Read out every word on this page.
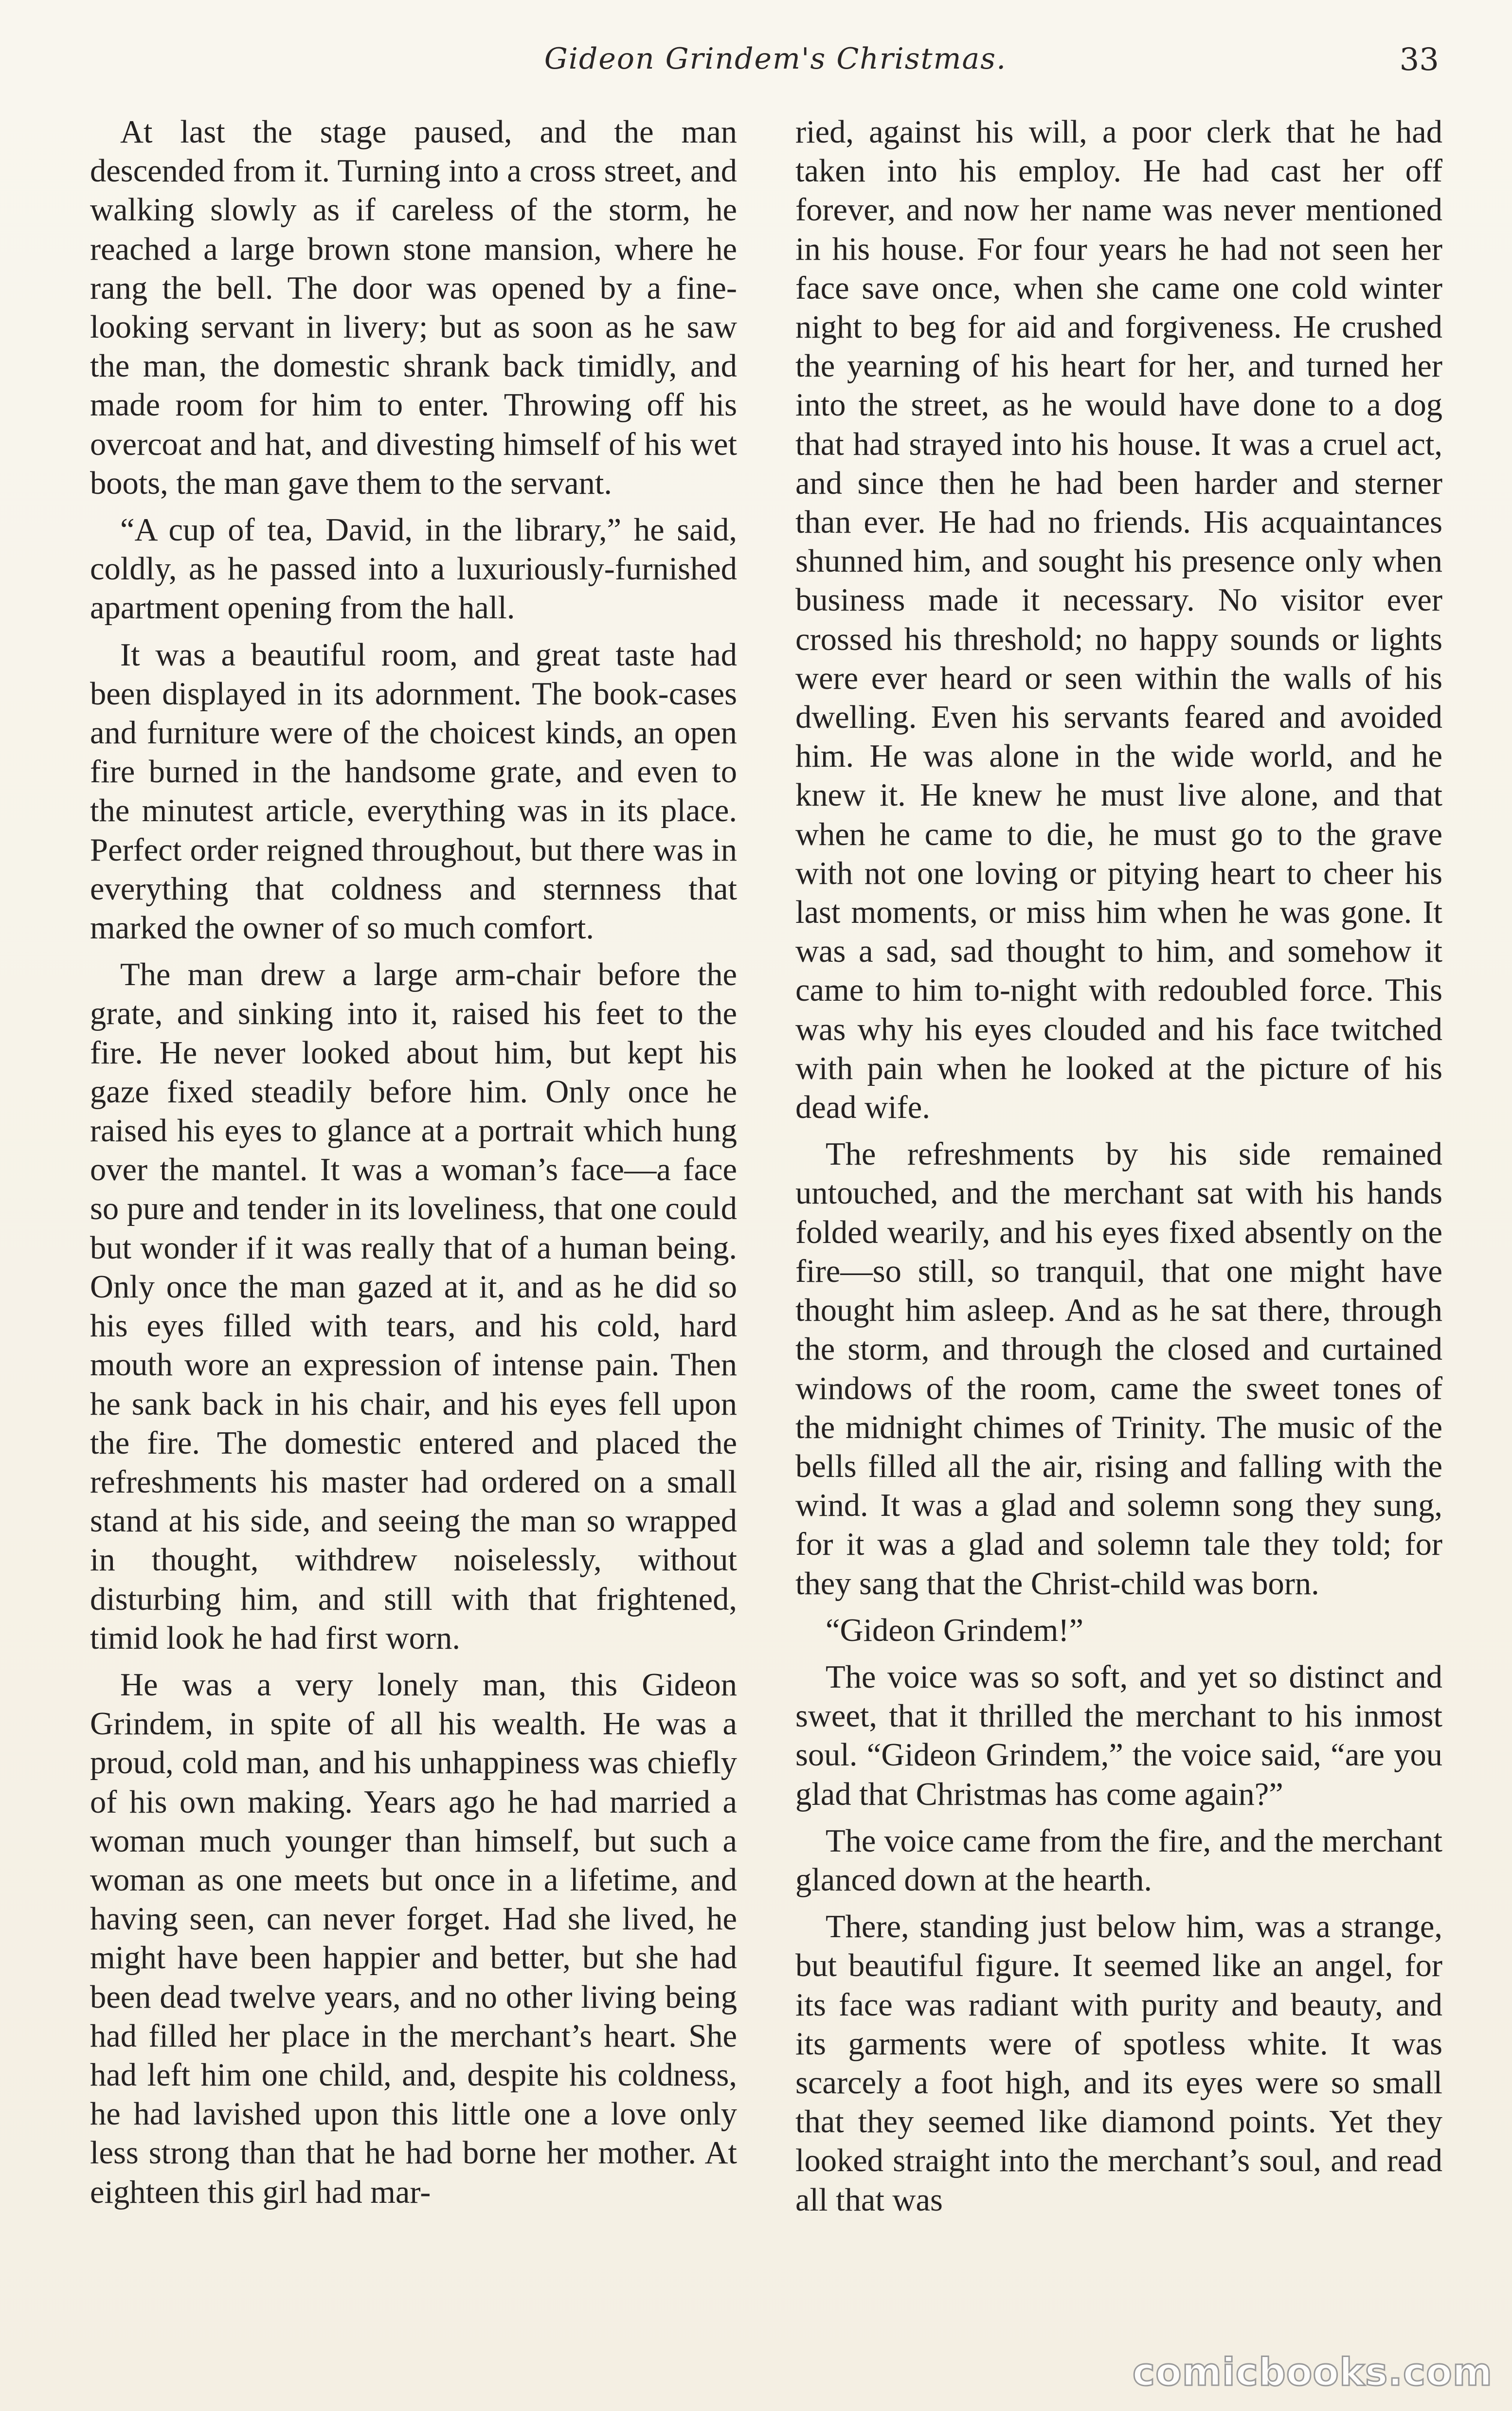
Gideon Grindem's Christmas.	33

At last the stage paused, and the man descended from it. Turning into a cross street, and walking slowly as if careless of the storm, he reached a large brown stone mansion, where he rang the bell. The door was opened by a fine-looking servant in livery; but as soon as he saw the man, the domestic shrank back timidly, and made room for him to enter. Throwing off his overcoat and hat, and divesting himself of his wet boots, the man gave them to the servant.

“A cup of tea, David, in the library,” he said, coldly, as he passed into a luxuriously-furnished apartment opening from the hall.

It was a beautiful room, and great taste had been displayed in its adornment. The book-cases and furniture were of the choicest kinds, an open fire burned in the handsome grate, and even to the minutest article, everything was in its place. Perfect order reigned throughout, but there was in everything that coldness and sternness that marked the owner of so much comfort.

The man drew a large arm-chair before the grate, and sinking into it, raised his feet to the fire. He never looked about him, but kept his gaze fixed steadily before him. Only once he raised his eyes to glance at a portrait which hung over the mantel. It was a woman’s face—a face so pure and tender in its loveliness, that one could but wonder if it was really that of a human being. Only once the man gazed at it, and as he did so his eyes filled with tears, and his cold, hard mouth wore an expression of intense pain. Then he sank back in his chair, and his eyes fell upon the fire. The domestic entered and placed the refreshments his master had ordered on a small stand at his side, and seeing the man so wrapped in thought, withdrew noiselessly, without disturbing him, and still with that frightened, timid look he had first worn.

He was a very lonely man, this Gideon Grindem, in spite of all his wealth. He was a proud, cold man, and his unhappiness was chiefly of his own making. Years ago he had married a woman much younger than himself, but such a woman as one meets but once in a lifetime, and having seen, can never forget. Had she lived, he might have been happier and better, but she had been dead twelve years, and no other living being had filled her place in the merchant’s heart. She had left him one child, and, despite his coldness, he had lavished upon this little one a love only less strong than that he had borne her mother. At eighteen this girl had mar-

ried, against his will, a poor clerk that he had taken into his employ. He had cast her off forever, and now her name was never mentioned in his house. For four years he had not seen her face save once, when she came one cold winter night to beg for aid and forgiveness. He crushed the yearning of his heart for her, and turned her into the street, as he would have done to a dog that had strayed into his house. It was a cruel act, and since then he had been harder and sterner than ever. He had no friends. His acquaintances shunned him, and sought his presence only when business made it necessary. No visitor ever crossed his threshold; no happy sounds or lights were ever heard or seen within the walls of his dwelling. Even his servants feared and avoided him. He was alone in the wide world, and he knew it. He knew he must live alone, and that when he came to die, he must go to the grave with not one loving or pitying heart to cheer his last moments, or miss him when he was gone. It was a sad, sad thought to him, and somehow it came to him to-night with redoubled force. This was why his eyes clouded and his face twitched with pain when he looked at the picture of his dead wife.

The refreshments by his side remained untouched, and the merchant sat with his hands folded wearily, and his eyes fixed absently on the fire—so still, so tranquil, that one might have thought him asleep. And as he sat there, through the storm, and through the closed and curtained windows of the room, came the sweet tones of the midnight chimes of Trinity. The music of the bells filled all the air, rising and falling with the wind. It was a glad and solemn song they sung, for it was a glad and solemn tale they told; for they sang that the Christ-child was born.

“Gideon Grindem!”

The voice was so soft, and yet so distinct and sweet, that it thrilled the merchant to his inmost soul. “Gideon Grindem,” the voice said, “are you glad that Christmas has come again?”

The voice came from the fire, and the merchant glanced down at the hearth.

There, standing just below him, was a strange, but beautiful figure. It seemed like an angel, for its face was radiant with purity and beauty, and its garments were of spotless white. It was scarcely a foot high, and its eyes were so small that they seemed like diamond points. Yet they looked straight into the merchant’s soul, and read all that was

comicbooks.com
